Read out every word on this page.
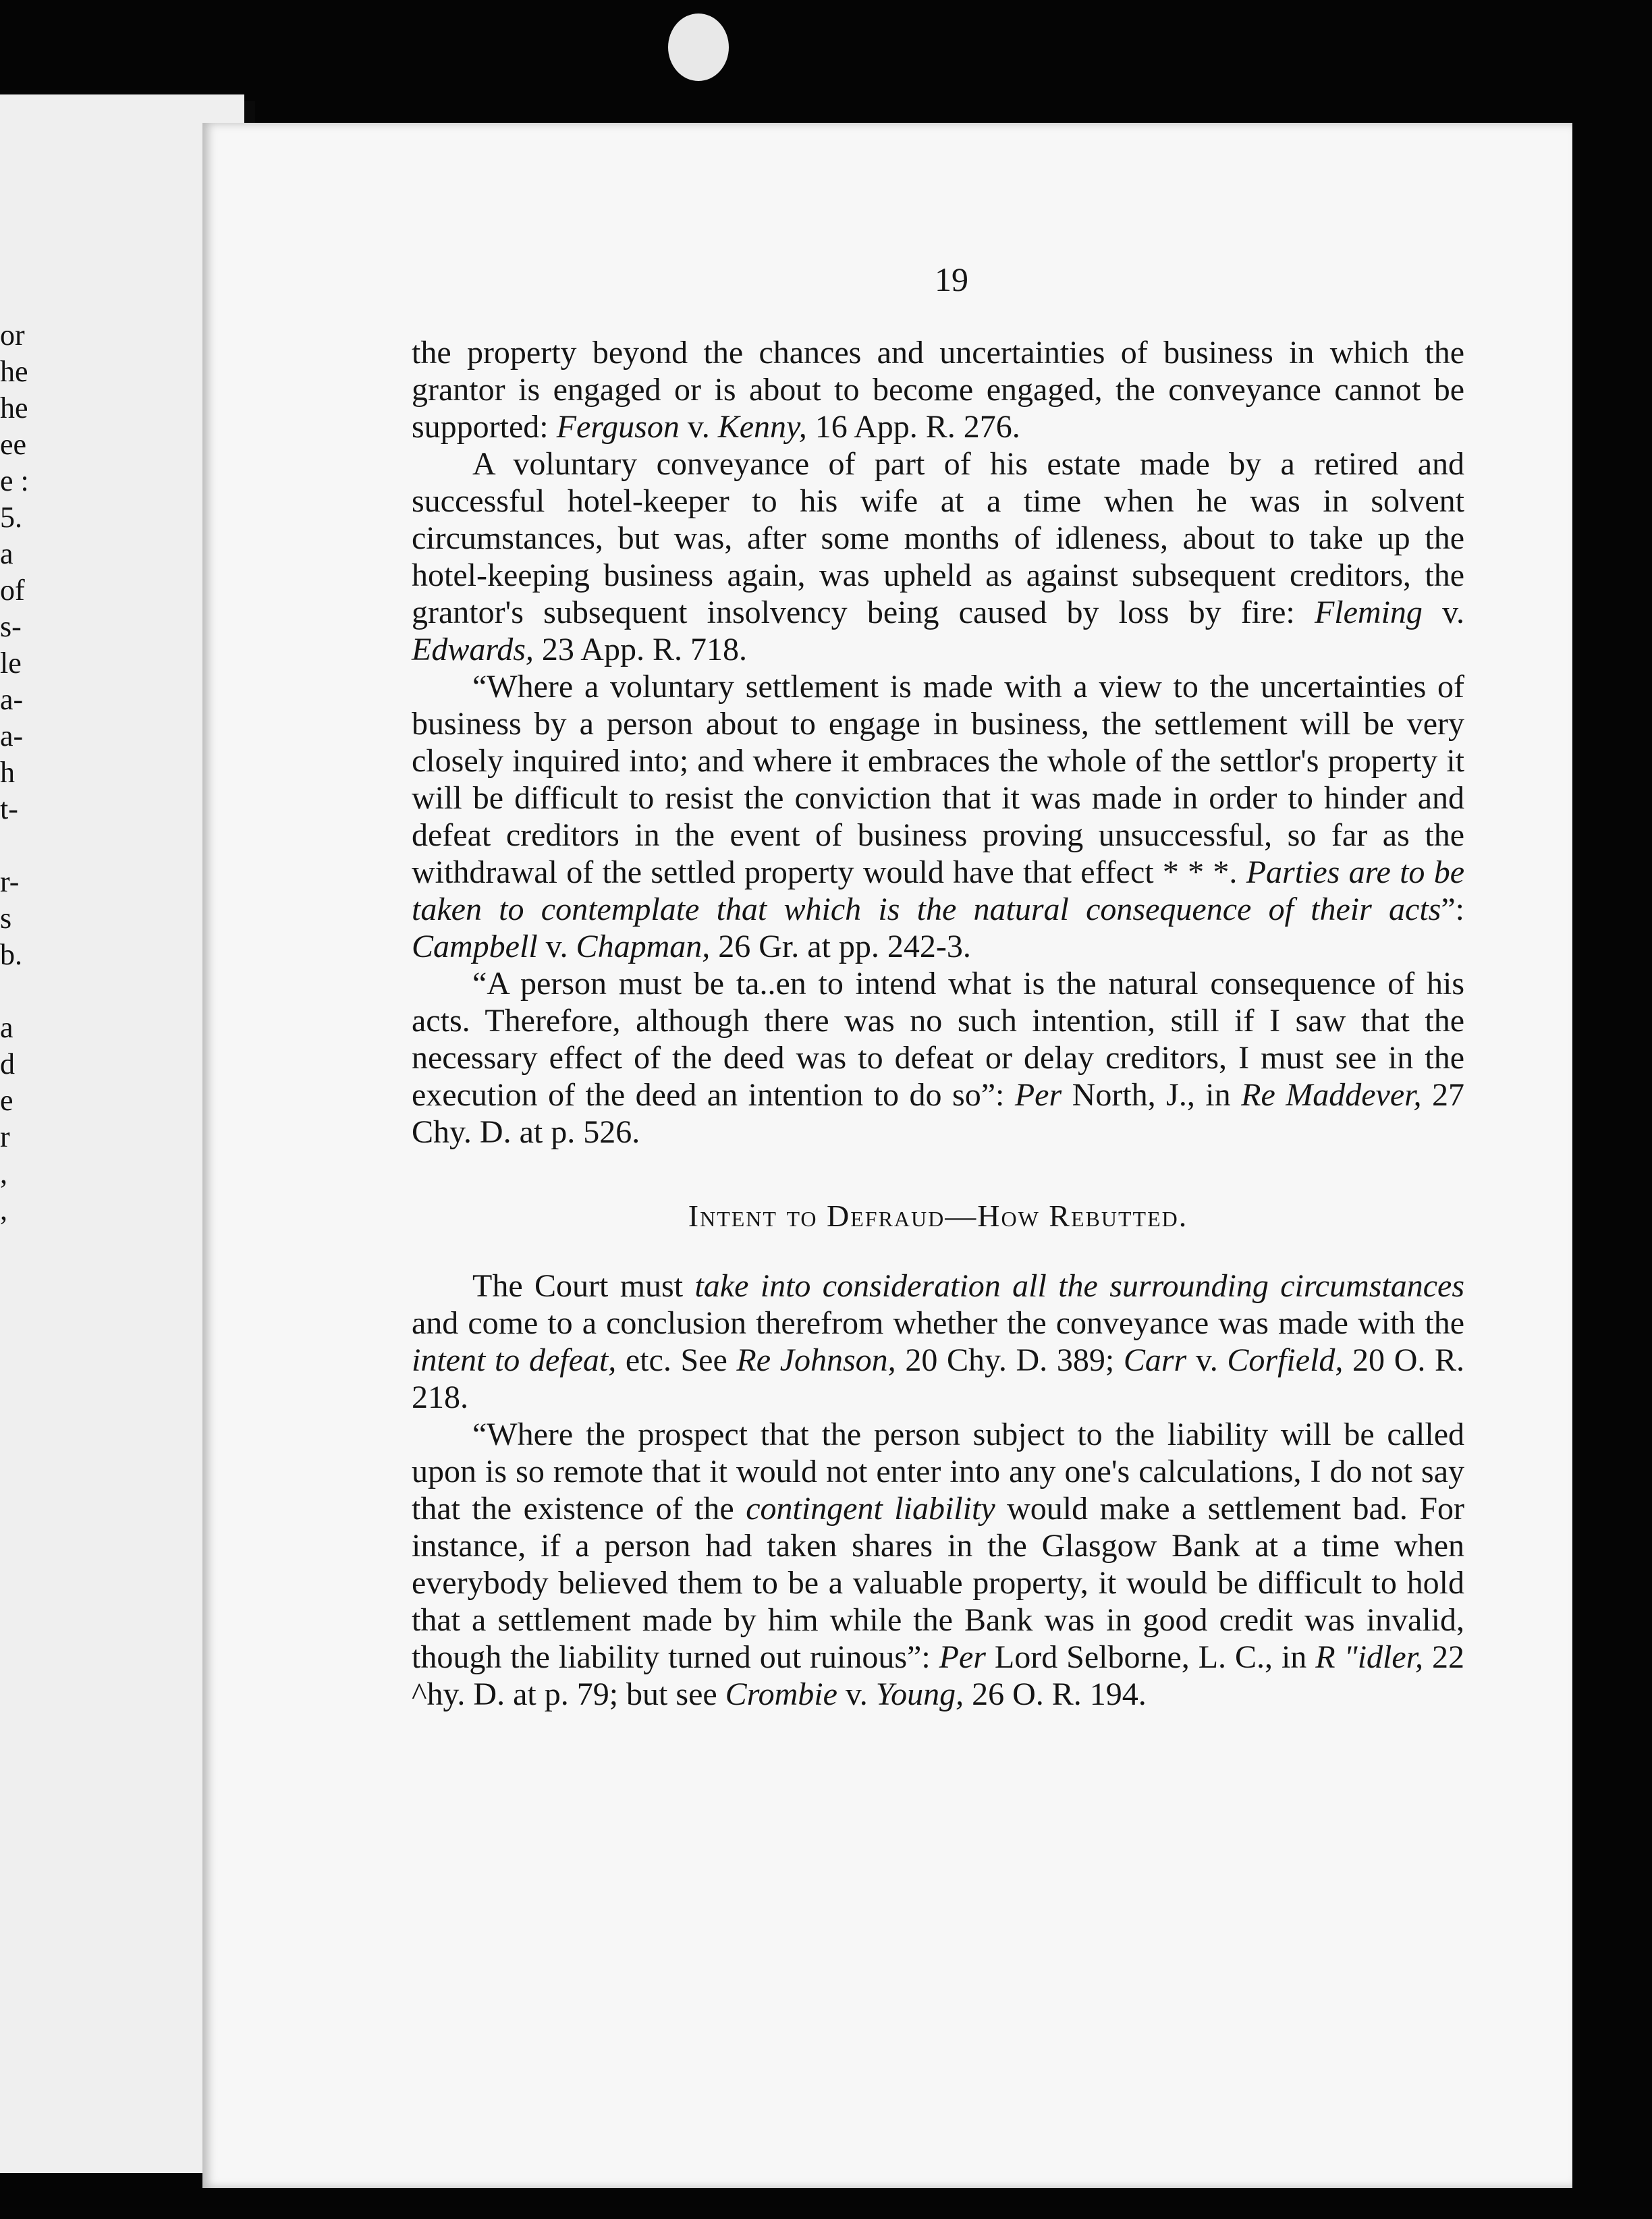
or
he
he
ee
e :
5.
a
of
s-
le
a-
a-
h
t-
r-
s
b.
a
d
e
r
,
,
19

the property beyond the chances and uncertainties of business in which the grantor is engaged or is about to become engaged, the conveyance cannot be supported: Ferguson v. Kenny, 16 App. R. 276.

A voluntary conveyance of part of his estate made by a retired and successful hotel-keeper to his wife at a time when he was in solvent circumstances, but was, after some months of idleness, about to take up the hotel-keeping business again, was upheld as against subsequent creditors, the grantor's subsequent insolvency being caused by loss by fire: Fleming v. Edwards, 23 App. R. 718.

“Where a voluntary settlement is made with a view to the uncertainties of business by a person about to engage in business, the settlement will be very closely inquired into; and where it embraces the whole of the settlor's property it will be difficult to resist the conviction that it was made in order to hinder and defeat creditors in the event of business proving unsuccessful, so far as the withdrawal of the settled property would have that effect * * *. Parties are to be taken to contemplate that which is the natural consequence of their acts”: Campbell v. Chapman, 26 Gr. at pp. 242-3.

“A person must be ta..en to intend what is the natural consequence of his acts. Therefore, although there was no such intention, still if I saw that the necessary effect of the deed was to defeat or delay creditors, I must see in the execution of the deed an intention to do so”: Per North, J., in Re Maddever, 27 Chy. D. at p. 526.

Intent to Defraud—How Rebutted.

The Court must take into consideration all the surrounding circumstances and come to a conclusion therefrom whether the conveyance was made with the intent to defeat, etc. See Re Johnson, 20 Chy. D. 389; Carr v. Corfield, 20 O. R. 218.

“Where the prospect that the person subject to the liability will be called upon is so remote that it would not enter into any one's calculations, I do not say that the existence of the contingent liability would make a settlement bad. For instance, if a person had taken shares in the Glasgow Bank at a time when everybody believed them to be a valuable property, it would be difficult to hold that a settlement made by him while the Bank was in good credit was invalid, though the liability turned out ruinous”: Per Lord Selborne, L. C., in R "idler, 22 ^hy. D. at p. 79; but see Crombie v. Young, 26 O. R. 194.
